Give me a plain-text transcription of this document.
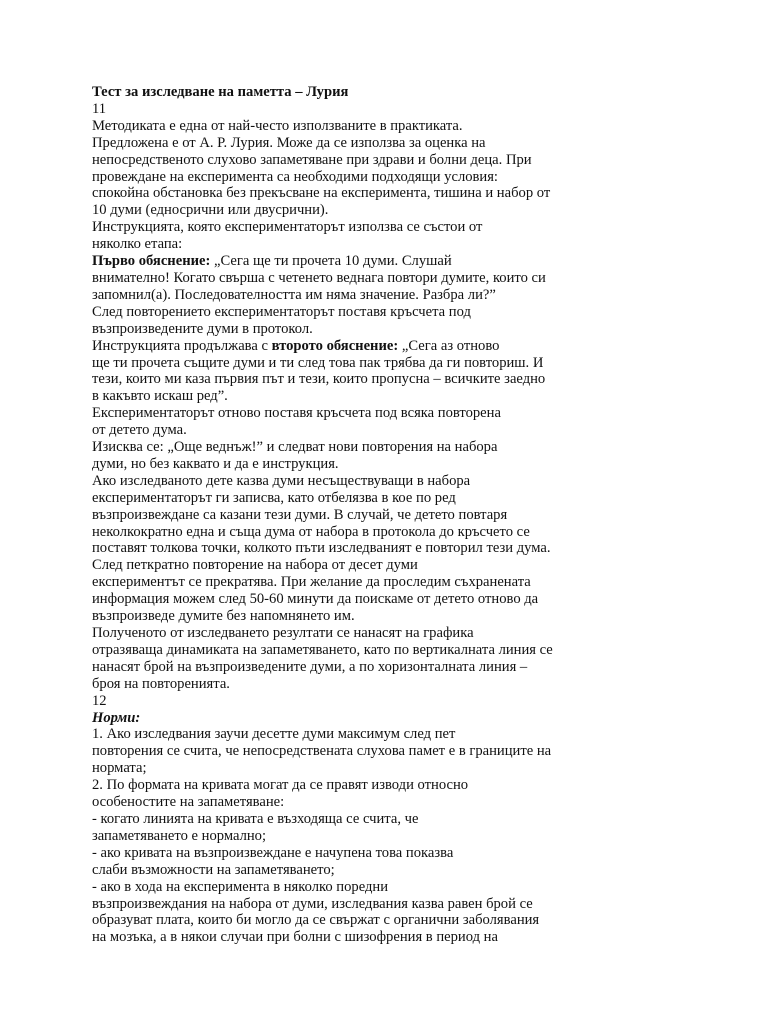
Тест за изследване на паметта – Лурия
11
Методиката е една от най-често използваните в практиката.
Предложена е от А. Р. Лурия. Може да се използва за оценка на
непосредственото слухово запаметяване при здрави и болни деца. При
провеждане на експеримента са необходими подходящи условия:
спокойна обстановка без прекъсване на експеримента, тишина и набор от
10 думи (едносрични или двусрични).
Инструкцията, която експериментаторът използва се състои от
няколко етапа:
Първо обяснение: „Сега ще ти прочета 10 думи. Слушай
внимателно! Когато свърша с четенето веднага повтори думите, които си
запомнил(а). Последователността им няма значение. Разбра ли?”
След повторението експериментаторът поставя кръсчета под
възпроизведените думи в протокол.
Инструкцията продължава с второто обяснение: „Сега аз отново
ще ти прочета същите думи и ти след това пак трябва да ги повториш. И
тези, които ми каза първия път и тези, които пропусна – всичките заедно
в какъвто искаш ред”.
Експериментаторът отново поставя кръсчета под всяка повторена
от детето дума.
Изисква се: „Още веднъж!” и следват нови повторения на набора
думи, но без каквато и да е инструкция.
Ако изследваното дете казва думи несъществуващи в набора
експериментаторът ги записва, като отбелязва в кое по ред
възпроизвеждане са казани тези думи. В случай, че детето повтаря
неколкократно една и съща дума от набора в протокола до кръсчето се
поставят толкова точки, колкото пъти изследваният е повторил тези дума.
След петкратно повторение на набора от десет думи
експериментът се прекратява. При желание да проследим съхранената
информация можем след 50-60 минути да поискаме от детето отново да
възпроизведе думите без напомнянето им.
Полученото от изследването резултати се нанасят на графика
отразяваща динамиката на запаметяването, като по вертикалната линия се
нанасят брой на възпроизведените думи, а по хоризонталната линия –
броя на повторенията.
12
Норми:
1. Ако изследвания заучи десетте думи максимум след пет
повторения се счита, че непосредствената слухова памет е в границите на
нормата;
2. По формата на кривата могат да се правят изводи относно
особеностите на запаметяване:
- когато линията на кривата е възходяща се счита, че
запаметяването е нормално;
- ако кривата на възпроизвеждане е начупена това показва
слаби възможности на запаметяването;
- ако в хода на експеримента в няколко поредни
възпроизвеждания на набора от думи, изследвания казва равен брой се
образуват плата, които би могло да се свържат с органични заболявания
на мозъка, а в някои случаи при болни с шизофрения в период на
